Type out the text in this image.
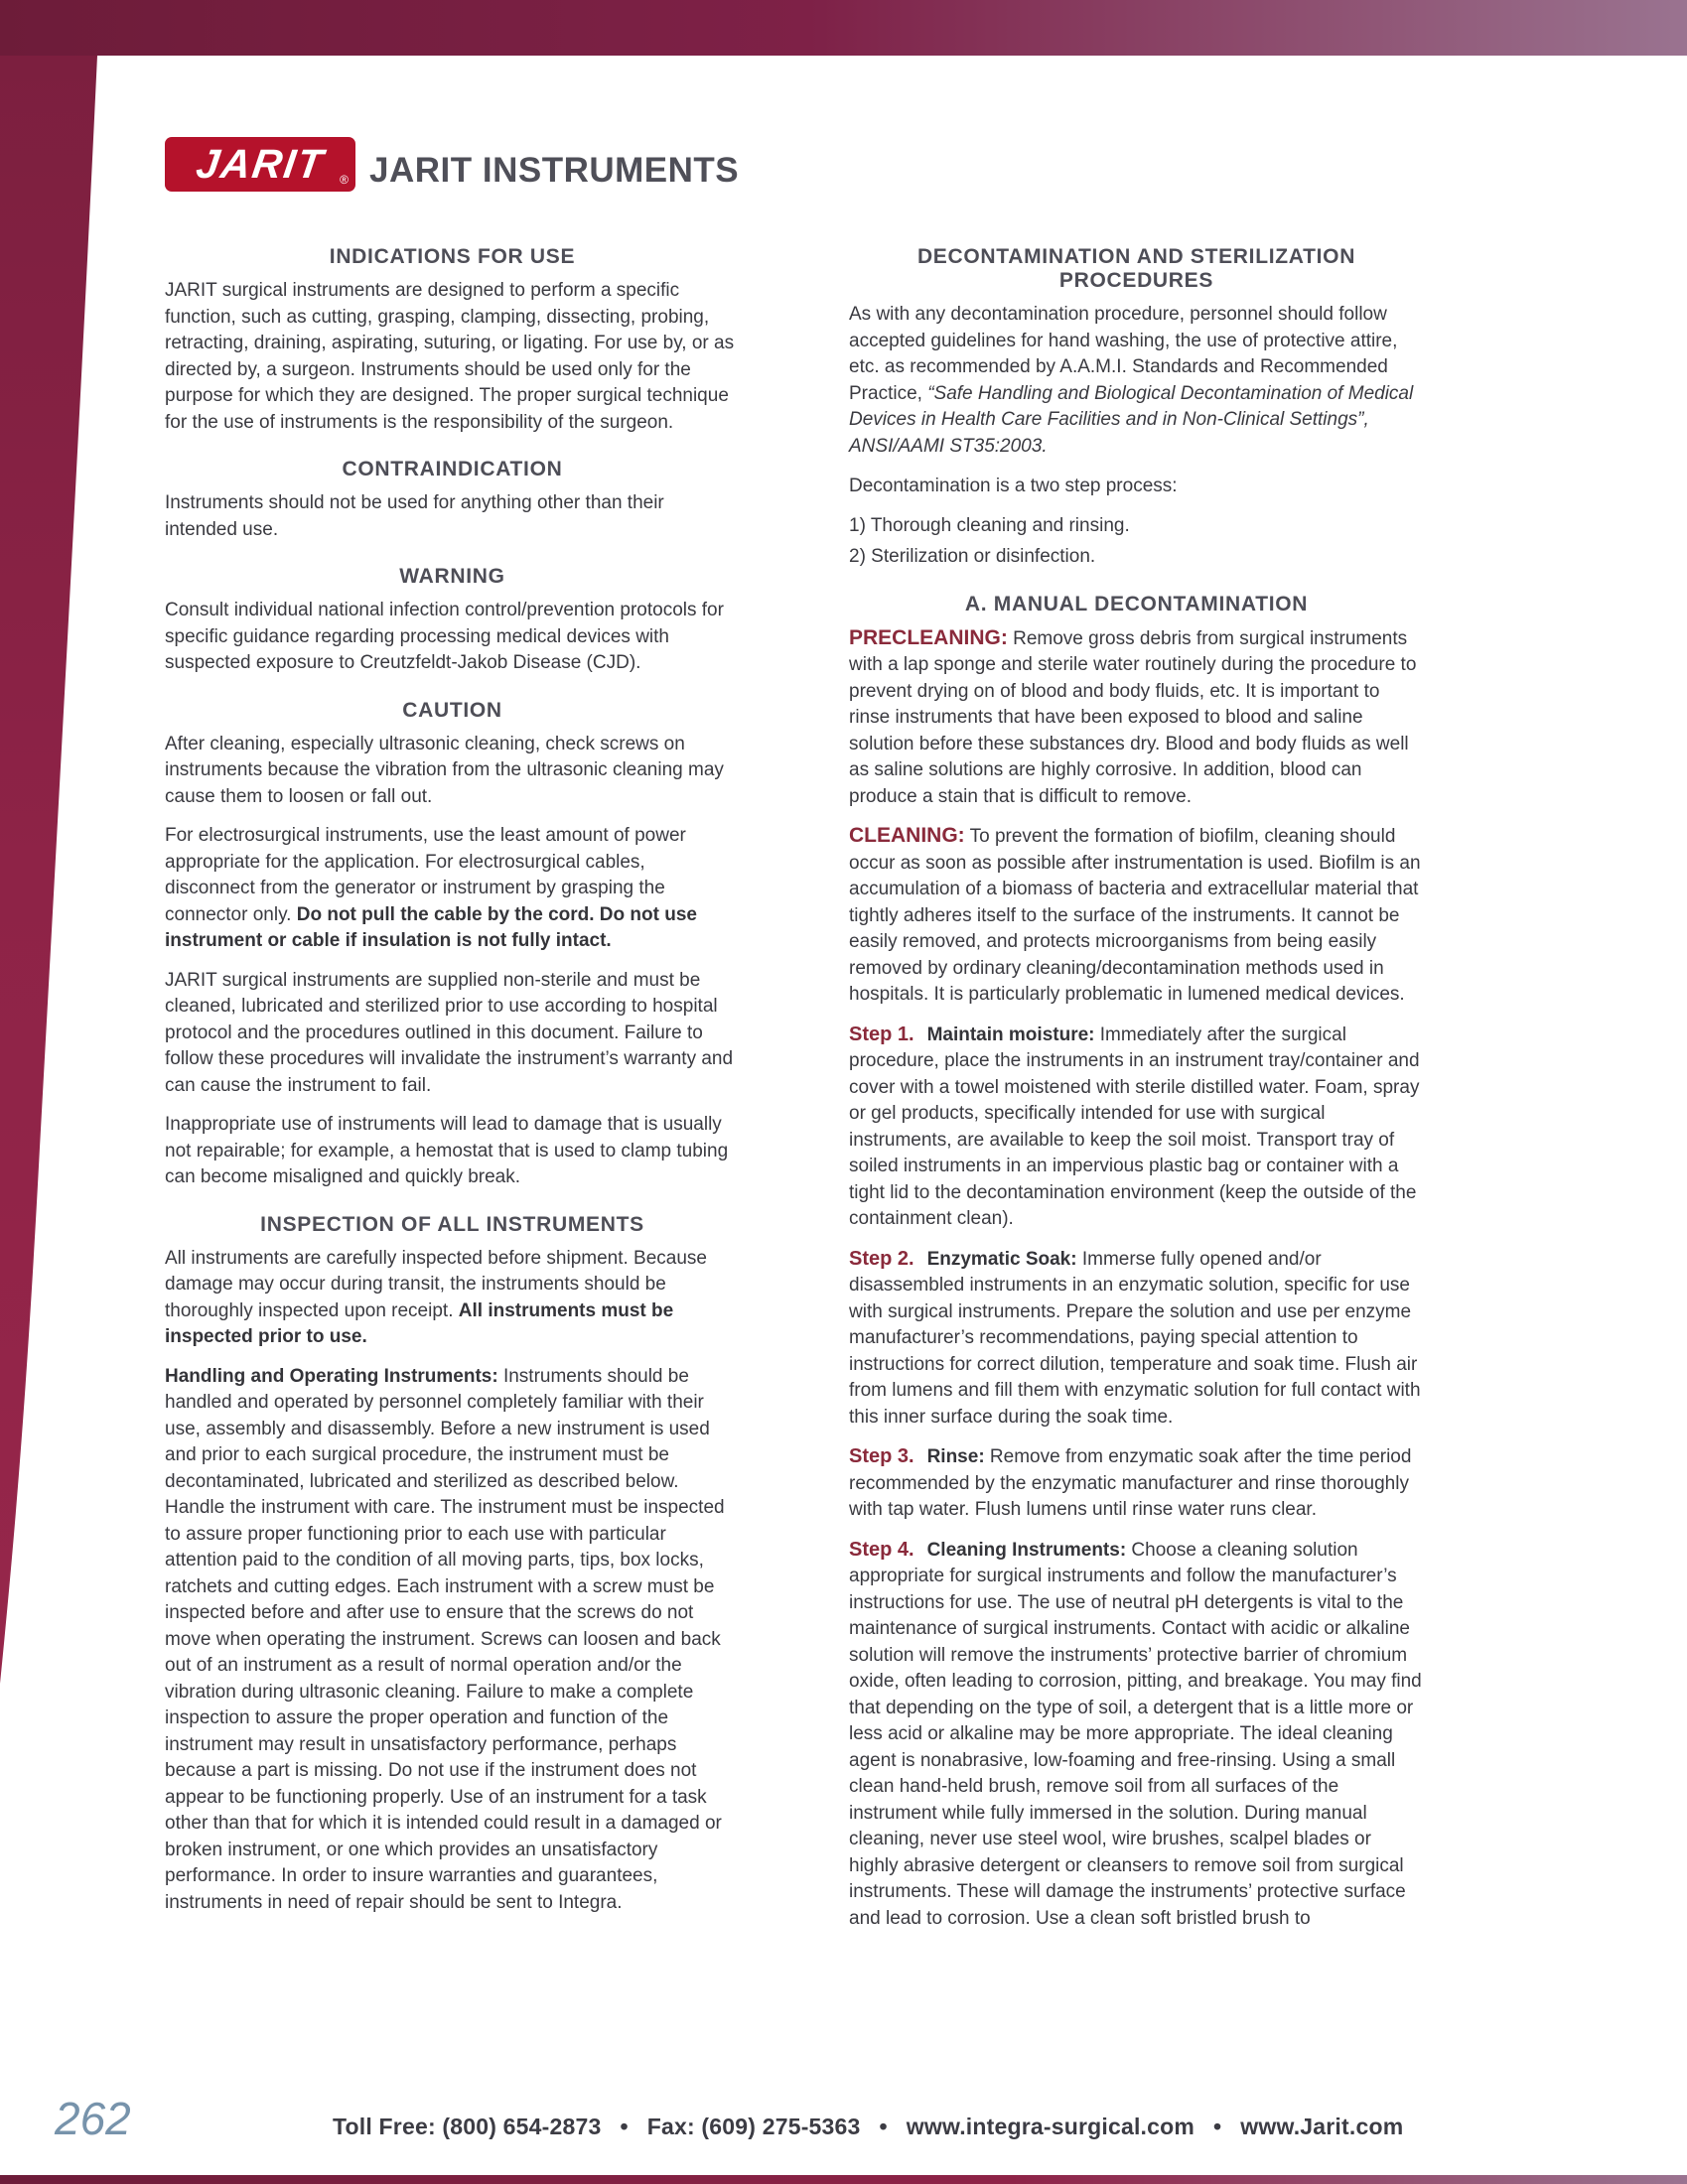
JARIT ® JARIT INSTRUMENTS
INDICATIONS FOR USE

JARIT surgical instruments are designed to perform a specific function, such as cutting, grasping, clamping, dissecting, probing, retracting, draining, aspirating, suturing, or ligating. For use by, or as directed by, a surgeon. Instruments should be used only for the purpose for which they are designed. The proper surgical technique for the use of instruments is the responsibility of the surgeon.

CONTRAINDICATION

Instruments should not be used for anything other than their intended use.

WARNING

Consult individual national infection control/prevention protocols for specific guidance regarding processing medical devices with suspected exposure to Creutzfeldt-Jakob Disease (CJD).

CAUTION

After cleaning, especially ultrasonic cleaning, check screws on instruments because the vibration from the ultrasonic cleaning may cause them to loosen or fall out.

For electrosurgical instruments, use the least amount of power appropriate for the application. For electrosurgical cables, disconnect from the generator or instrument by grasping the connector only. Do not pull the cable by the cord. Do not use instrument or cable if insulation is not fully intact.

JARIT surgical instruments are supplied non-sterile and must be cleaned, lubricated and sterilized prior to use according to hospital protocol and the procedures outlined in this document. Failure to follow these procedures will invalidate the instrument’s warranty and can cause the instrument to fail.

Inappropriate use of instruments will lead to damage that is usually not repairable; for example, a hemostat that is used to clamp tubing can become misaligned and quickly break.

INSPECTION OF ALL INSTRUMENTS

All instruments are carefully inspected before shipment. Because damage may occur during transit, the instruments should be thoroughly inspected upon receipt. All instruments must be inspected prior to use.

Handling and Operating Instruments: Instruments should be handled and operated by personnel completely familiar with their use, assembly and disassembly. Before a new instrument is used and prior to each surgical procedure, the instrument must be decontaminated, lubricated and sterilized as described below. Handle the instrument with care. The instrument must be inspected to assure proper functioning prior to each use with particular attention paid to the condition of all moving parts, tips, box locks, ratchets and cutting edges. Each instrument with a screw must be inspected before and after use to ensure that the screws do not move when operating the instrument. Screws can loosen and back out of an instrument as a result of normal operation and/or the vibration during ultrasonic cleaning. Failure to make a complete inspection to assure the proper operation and function of the instrument may result in unsatisfactory performance, perhaps because a part is missing. Do not use if the instrument does not appear to be functioning properly. Use of an instrument for a task other than that for which it is intended could result in a damaged or broken instrument, or one which provides an unsatisfactory performance. In order to insure warranties and guarantees, instruments in need of repair should be sent to Integra.

DECONTAMINATION AND STERILIZATION PROCEDURES

As with any decontamination procedure, personnel should follow accepted guidelines for hand washing, the use of protective attire, etc. as recommended by A.A.M.I. Standards and Recommended Practice, “Safe Handling and Biological Decontamination of Medical Devices in Health Care Facilities and in Non-Clinical Settings”, ANSI/AAMI ST35:2003.

Decontamination is a two step process:

1) Thorough cleaning and rinsing.

2) Sterilization or disinfection.

A. MANUAL DECONTAMINATION

PRECLEANING: Remove gross debris from surgical instruments with a lap sponge and sterile water routinely during the procedure to prevent drying on of blood and body fluids, etc. It is important to rinse instruments that have been exposed to blood and saline solution before these substances dry. Blood and body fluids as well as saline solutions are highly corrosive. In addition, blood can produce a stain that is difficult to remove.

CLEANING: To prevent the formation of biofilm, cleaning should occur as soon as possible after instrumentation is used. Biofilm is an accumulation of a biomass of bacteria and extracellular material that tightly adheres itself to the surface of the instruments. It cannot be easily removed, and protects microorganisms from being easily removed by ordinary cleaning/decontamination methods used in hospitals. It is particularly problematic in lumened medical devices.

Step 1. Maintain moisture: Immediately after the surgical procedure, place the instruments in an instrument tray/container and cover with a towel moistened with sterile distilled water. Foam, spray or gel products, specifically intended for use with surgical instruments, are available to keep the soil moist. Transport tray of soiled instruments in an impervious plastic bag or container with a tight lid to the decontamination environment (keep the outside of the containment clean).

Step 2. Enzymatic Soak: Immerse fully opened and/or disassembled instruments in an enzymatic solution, specific for use with surgical instruments. Prepare the solution and use per enzyme manufacturer’s recommendations, paying special attention to instructions for correct dilution, temperature and soak time. Flush air from lumens and fill them with enzymatic solution for full contact with this inner surface during the soak time.

Step 3. Rinse: Remove from enzymatic soak after the time period recommended by the enzymatic manufacturer and rinse thoroughly with tap water. Flush lumens until rinse water runs clear.

Step 4. Cleaning Instruments: Choose a cleaning solution appropriate for surgical instruments and follow the manufacturer’s instructions for use. The use of neutral pH detergents is vital to the maintenance of surgical instruments. Contact with acidic or alkaline solution will remove the instruments’ protective barrier of chromium oxide, often leading to corrosion, pitting, and breakage. You may find that depending on the type of soil, a detergent that is a little more or less acid or alkaline may be more appropriate. The ideal cleaning agent is nonabrasive, low-foaming and free-rinsing. Using a small clean hand-held brush, remove soil from all surfaces of the instrument while fully immersed in the solution. During manual cleaning, never use steel wool, wire brushes, scalpel blades or highly abrasive detergent or cleansers to remove soil from surgical instruments. These will damage the instruments’ protective surface and lead to corrosion. Use a clean soft bristled brush to

262	Toll Free: (800) 654-2873 • Fax: (609) 275-5363 • www.integra-surgical.com • www.Jarit.com
